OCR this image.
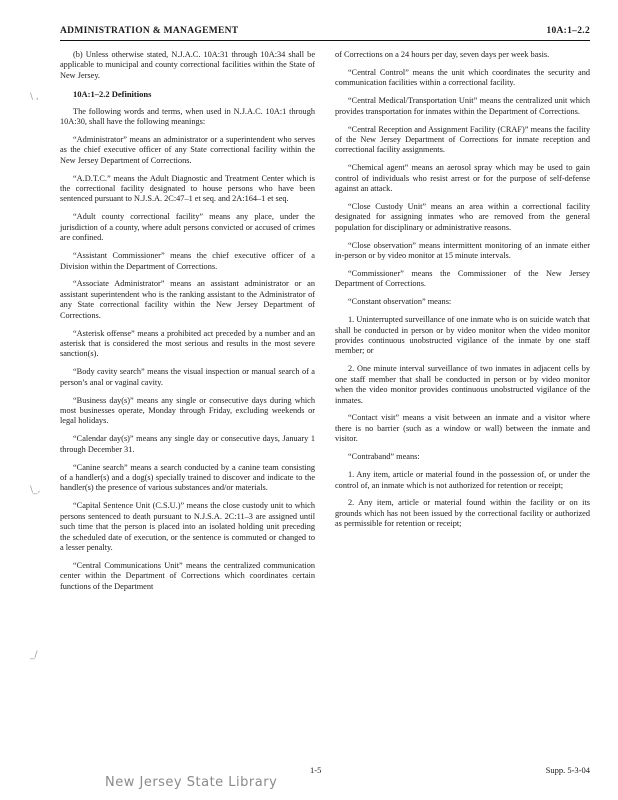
ADMINISTRATION & MANAGEMENT	10A:1–2.2
\ ,
\_,
_/

(b) Unless otherwise stated, N.J.A.C. 10A:31 through 10A:34 shall be applicable to municipal and county correctional facilities within the State of New Jersey.

10A:1–2.2 Definitions

The following words and terms, when used in N.J.A.C. 10A:1 through 10A:30, shall have the following meanings:

“Administrator” means an administrator or a superintendent who serves as the chief executive officer of any State correctional facility within the New Jersey Department of Corrections.

“A.D.T.C.” means the Adult Diagnostic and Treatment Center which is the correctional facility designated to house persons who have been sentenced pursuant to N.J.S.A. 2C:47–1 et seq. and 2A:164–1 et seq.

“Adult county correctional facility” means any place, under the jurisdiction of a county, where adult persons convicted or accused of crimes are confined.

“Assistant Commissioner” means the chief executive officer of a Division within the Department of Corrections.

“Associate Administrator” means an assistant administrator or an assistant superintendent who is the ranking assistant to the Administrator of any State correctional facility within the New Jersey Department of Corrections.

“Asterisk offense” means a prohibited act preceded by a number and an asterisk that is considered the most serious and results in the most severe sanction(s).

“Body cavity search” means the visual inspection or manual search of a person’s anal or vaginal cavity.

“Business day(s)” means any single or consecutive days during which most businesses operate, Monday through Friday, excluding weekends or legal holidays.

“Calendar day(s)” means any single day or consecutive days, January 1 through December 31.

“Canine search” means a search conducted by a canine team consisting of a handler(s) and a dog(s) specially trained to discover and indicate to the handler(s) the presence of various substances and/or materials.

“Capital Sentence Unit (C.S.U.)” means the close custody unit to which persons sentenced to death pursuant to N.J.S.A. 2C:11–3 are assigned until such time that the person is placed into an isolated holding unit preceding the scheduled date of execution, or the sentence is commuted or changed to a lesser penalty.

“Central Communications Unit” means the centralized communication center within the Department of Corrections which coordinates certain functions of the Department

of Corrections on a 24 hours per day, seven days per week basis.

“Central Control” means the unit which coordinates the security and communication facilities within a correctional facility.

“Central Medical/Transportation Unit” means the centralized unit which provides transportation for inmates within the Department of Corrections.

“Central Reception and Assignment Facility (CRAF)” means the facility of the New Jersey Department of Corrections for inmate reception and correctional facility assignments.

“Chemical agent” means an aerosol spray which may be used to gain control of individuals who resist arrest or for the purpose of self-defense against an attack.

“Close Custody Unit” means an area within a correctional facility designated for assigning inmates who are removed from the general population for disciplinary or administrative reasons.

“Close observation” means intermittent monitoring of an inmate either in-person or by video monitor at 15 minute intervals.

“Commissioner” means the Commissioner of the New Jersey Department of Corrections.

“Constant observation” means:

1. Uninterrupted surveillance of one inmate who is on suicide watch that shall be conducted in person or by video monitor when the video monitor provides continuous unobstructed vigilance of the inmate by one staff member; or

2. One minute interval surveillance of two inmates in adjacent cells by one staff member that shall be conducted in person or by video monitor when the video monitor provides continuous unobstructed vigilance of the inmates.

“Contact visit” means a visit between an inmate and a visitor where there is no barrier (such as a window or wall) between the inmate and visitor.

“Contraband” means:

1. Any item, article or material found in the possession of, or under the control of, an inmate which is not authorized for retention or receipt;

2. Any item, article or material found within the facility or on its grounds which has not been issued by the correctional facility or authorized as permissible for retention or receipt;

1-5	Supp. 5-3-04
New Jersey State Library
